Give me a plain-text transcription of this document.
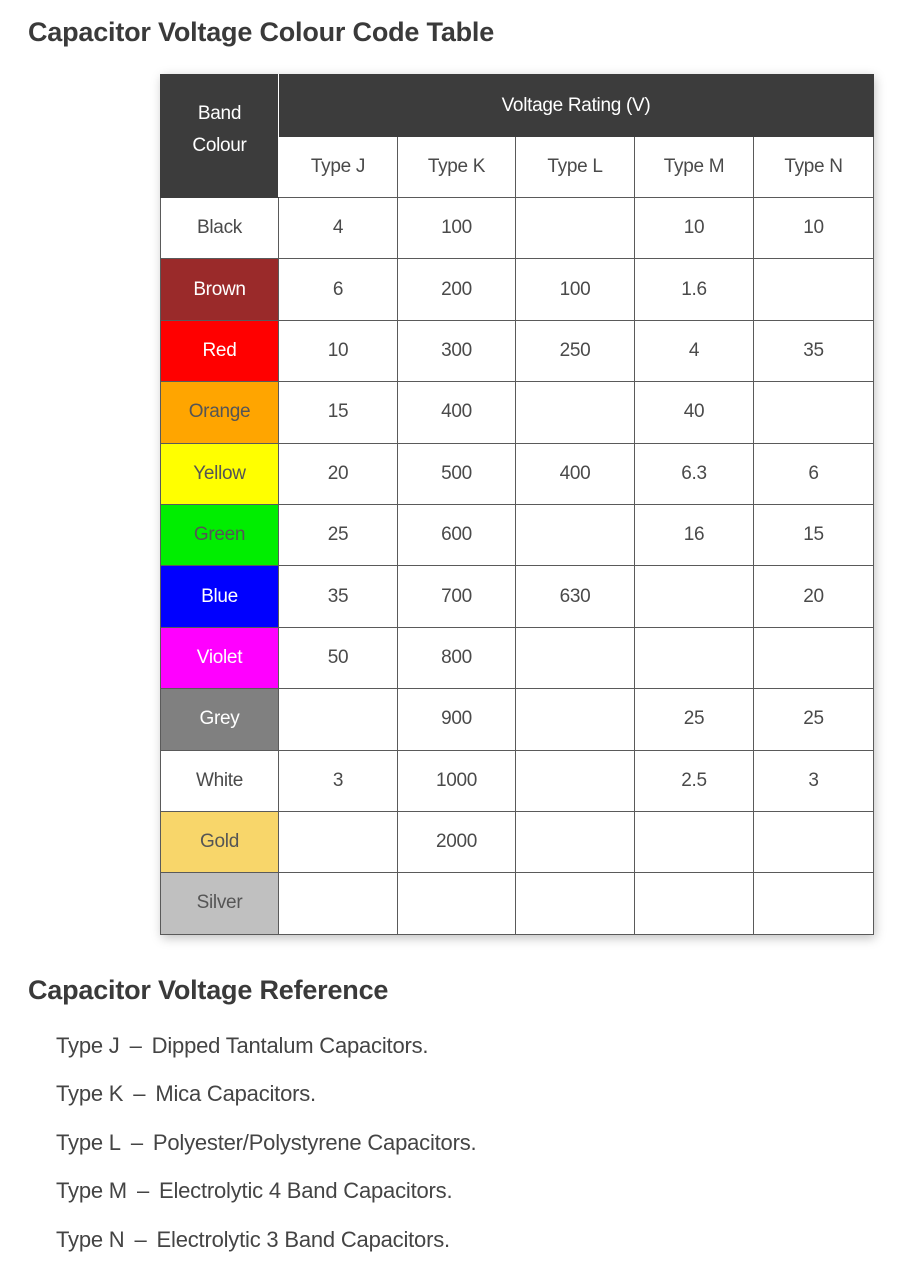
Capacitor Voltage Colour Code Table
Band
Colour	Voltage Rating (V)				
	Type J	Type K	Type L	Type M	Type N
Black	4	100		10	10
Brown	6	200	100	1.6	
Red	10	300	250	4	35
Orange	15	400		40	
Yellow	20	500	400	6.3	6
Green	25	600		16	15
Blue	35	700	630		20
Violet	50	800			
Grey		900		25	25
White	3	1000		2.5	3
Gold		2000			
Silver					
Capacitor Voltage Reference
Type J – Dipped Tantalum Capacitors.
Type K – Mica Capacitors.
Type L – Polyester/Polystyrene Capacitors.
Type M – Electrolytic 4 Band Capacitors.
Type N – Electrolytic 3 Band Capacitors.
